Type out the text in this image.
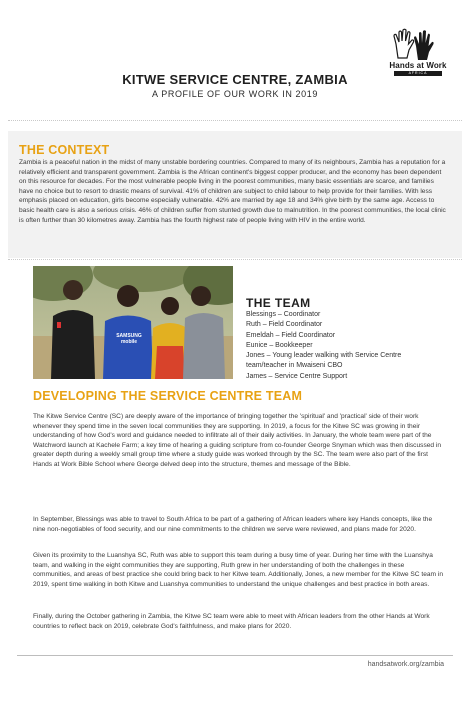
Hands at Work
AFRICA
KITWE SERVICE CENTRE, ZAMBIA
A PROFILE OF OUR WORK IN 2019
THE CONTEXT
Zambia is a peaceful nation in the midst of many unstable bordering countries. Compared to many of its neighbours, Zambia has a reputation for a relatively efficient and transparent government. Zambia is the African continent's biggest copper producer, and the economy has been dependent on this resource for decades. For the most vulnerable people living in the poorest communities, many basic essentials are scarce, and families have no choice but to resort to drastic means of survival. 41% of children are subject to child labour to help provide for their families. With less emphasis placed on education, girls become especially vulnerable. 42% are married by age 18 and 34% give birth by the same age. Access to basic health care is also a serious crisis. 46% of children suffer from stunted growth due to malnutrition. In the poorest communities, the local clinic is often further than 30 kilometres away. Zambia has the fourth highest rate of people living with HIV in the entire world.
SAMSUNG mobile
THE TEAM
Blessings – Coordinator
Ruth – Field Coordinator
Emeldah – Field Coordinator
Eunice – Bookkeeper
Jones – Young leader walking with Service Centre
team/teacher in Mwaiseni CBO
James – Service Centre Support
DEVELOPING THE SERVICE CENTRE TEAM
The Kitwe Service Centre (SC) are deeply aware of the importance of bringing together the 'spiritual' and 'practical' side of their work whenever they spend time in the seven local communities they are supporting. In 2019, a focus for the Kitwe SC was growing in their understanding of how God's word and guidance needed to infiltrate all of their daily activities. In January, the whole team were part of the Watchword launch at Kachele Farm; a key time of hearing a guiding scripture from co-founder George Snyman which was then discussed in greater depth during a weekly small group time where a study guide was worked through by the SC. The team were also part of the first Hands at Work Bible School where George delved deep into the structure, themes and message of the Bible.
In September, Blessings was able to travel to South Africa to be part of a gathering of African leaders where key Hands concepts, like the nine non-negotiables of food security, and our nine commitments to the children we serve were reviewed, and plans made for 2020.
Given its proximity to the Luanshya SC, Ruth was able to support this team during a busy time of year. During her time with the Luanshya team, and walking in the eight communities they are supporting, Ruth grew in her understanding of both the challenges in these communities, and areas of best practice she could bring back to her Kitwe team. Additionally, Jones, a new member for the Kitwe SC team in 2019, spent time walking in both Kitwe and Luanshya communities to understand the unique challenges and best practice in both areas.
Finally, during the October gathering in Zambia, the Kitwe SC team were able to meet with African leaders from the other Hands at Work countries to reflect back on 2019, celebrate God's faithfulness, and make plans for 2020.
handsatwork.org/zambia
